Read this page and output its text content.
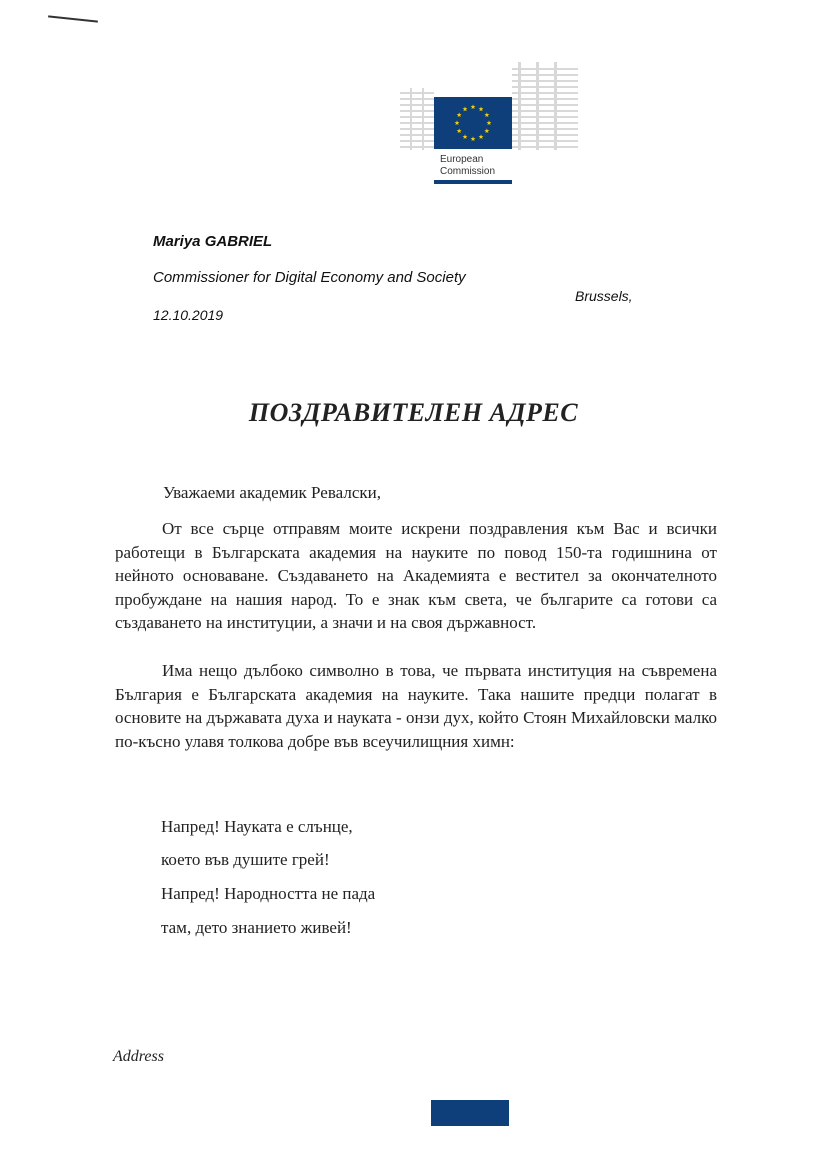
European
Commission
Mariya GABRIEL
Commissioner for Digital Economy and Society
Brussels,
12.10.2019
ПОЗДРАВИТЕЛЕН АДРЕС
Уважаеми академик Ревалски,

От все сърце отправям моите искрени поздравления към Вас и всички работещи в Българската академия на науките по повод 150-та годишнина от нейното основаване. Създаването на Академията е вестител за окончателното пробуждане на нашия народ. То е знак към света, че българите са готови са създаването на институции, а значи и на своя държавност.

Има нещо дълбоко символно в това, че първата институция на съвремена България е Българската академия на науките. Така нашите предци полагат в основите на държавата духа и науката - онзи дух, който Стоян Михайловски малко по-късно улавя толкова добре във всеучилищния химн:

Напред! Науката е слънце,
което във душите грей!
Напред! Народността не пада
там, дето знанието живей!
Address
